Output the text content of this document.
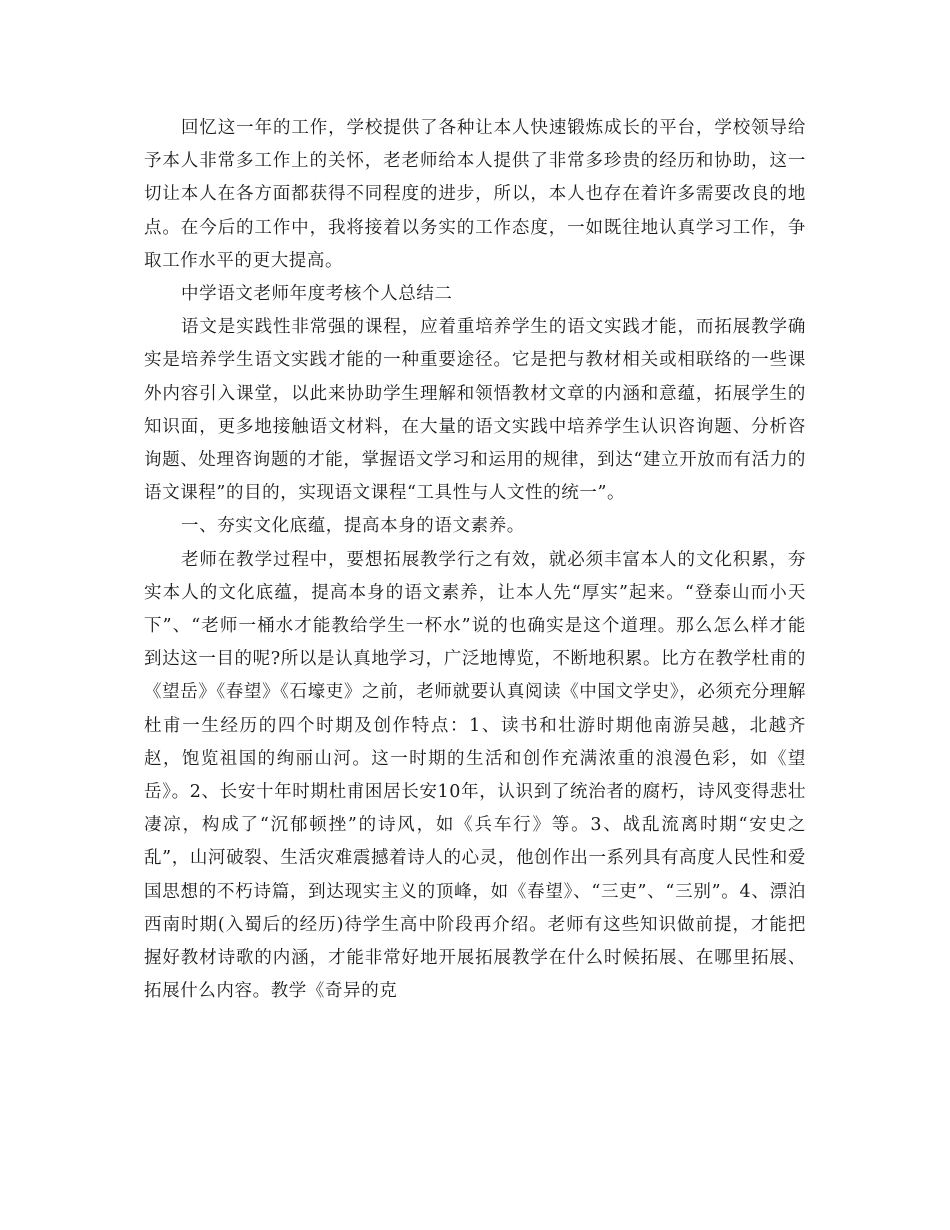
回忆这一年的工作，学校提供了各种让本人快速锻炼成长的平台，学校领导给予本人非常多工作上的关怀，老老师给本人提供了非常多珍贵的经历和协助，这一切让本人在各方面都获得不同程度的进步，所以，本人也存在着许多需要改良的地点。在今后的工作中，我将接着以务实的工作态度，一如既往地认真学习工作，争取工作水平的更大提高。

中学语文老师年度考核个人总结二

语文是实践性非常强的课程，应着重培养学生的语文实践才能，而拓展教学确实是培养学生语文实践才能的一种重要途径。它是把与教材相关或相联络的一些课外内容引入课堂，以此来协助学生理解和领悟教材文章的内涵和意蕴，拓展学生的知识面，更多地接触语文材料，在大量的语文实践中培养学生认识咨询题、分析咨询题、处理咨询题的才能，掌握语文学习和运用的规律，到达“建立开放而有活力的语文课程”的目的，实现语文课程“工具性与人文性的统一”。

一、夯实文化底蕴，提高本身的语文素养。

老师在教学过程中，要想拓展教学行之有效，就必须丰富本人的文化积累，夯实本人的文化底蕴，提高本身的语文素养，让本人先“厚实”起来。“登泰山而小天下”、“老师一桶水才能教给学生一杯水”说的也确实是这个道理。那么怎么样才能到达这一目的呢?所以是认真地学习，广泛地博览，不断地积累。比方在教学杜甫的《望岳》《春望》《石壕吏》之前，老师就要认真阅读《中国文学史》，必须充分理解杜甫一生经历的四个时期及创作特点：1、读书和壮游时期他南游吴越，北越齐赵，饱览祖国的绚丽山河。这一时期的生活和创作充满浓重的浪漫色彩，如《望岳》。2、长安十年时期杜甫困居长安10年，认识到了统治者的腐朽，诗风变得悲壮凄凉，构成了“沉郁顿挫”的诗风，如《兵车行》等。3、战乱流离时期“安史之乱”，山河破裂、生活灾难震撼着诗人的心灵，他创作出一系列具有高度人民性和爱国思想的不朽诗篇，到达现实主义的顶峰，如《春望》、“三吏”、“三别”。4、漂泊西南时期(入蜀后的经历)待学生高中阶段再介绍。老师有这些知识做前提，才能把握好教材诗歌的内涵，才能非常好地开展拓展教学在什么时候拓展、在哪里拓展、拓展什么内容。教学《奇异的克
